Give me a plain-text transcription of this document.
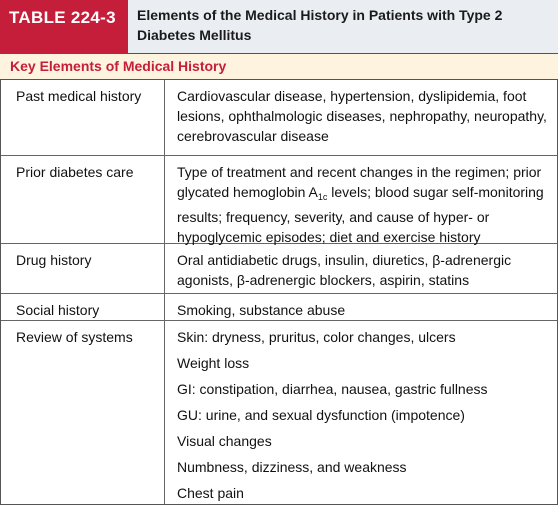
TABLE 224-3	Elements of the Medical History in Patients with Type 2 Diabetes Mellitus
Key Elements of Medical History
Past medical history	Cardiovascular disease, hypertension, dyslipidemia, foot lesions, ophthalmologic diseases, nephropathy, neuropathy, cerebrovascular disease
Prior diabetes care	Type of treatment and recent changes in the regimen; prior glycated hemoglobin $A_{1c}$ levels; blood sugar self-monitoring results; frequency, severity, and cause of hyper- or hypoglycemic episodes; diet and exercise history
Drug history	Oral antidiabetic drugs, insulin, diuretics, β-adrenergic agonists, β-adrenergic blockers, aspirin, statins
Social history	Smoking, substance abuse
Review of systems	Skin: dryness, pruritus, color changes, ulcers
Weight loss
GI: constipation, diarrhea, nausea, gastric fullness
GU: urine, and sexual dysfunction (impotence)
Visual changes
Numbness, dizziness, and weakness
Chest pain
